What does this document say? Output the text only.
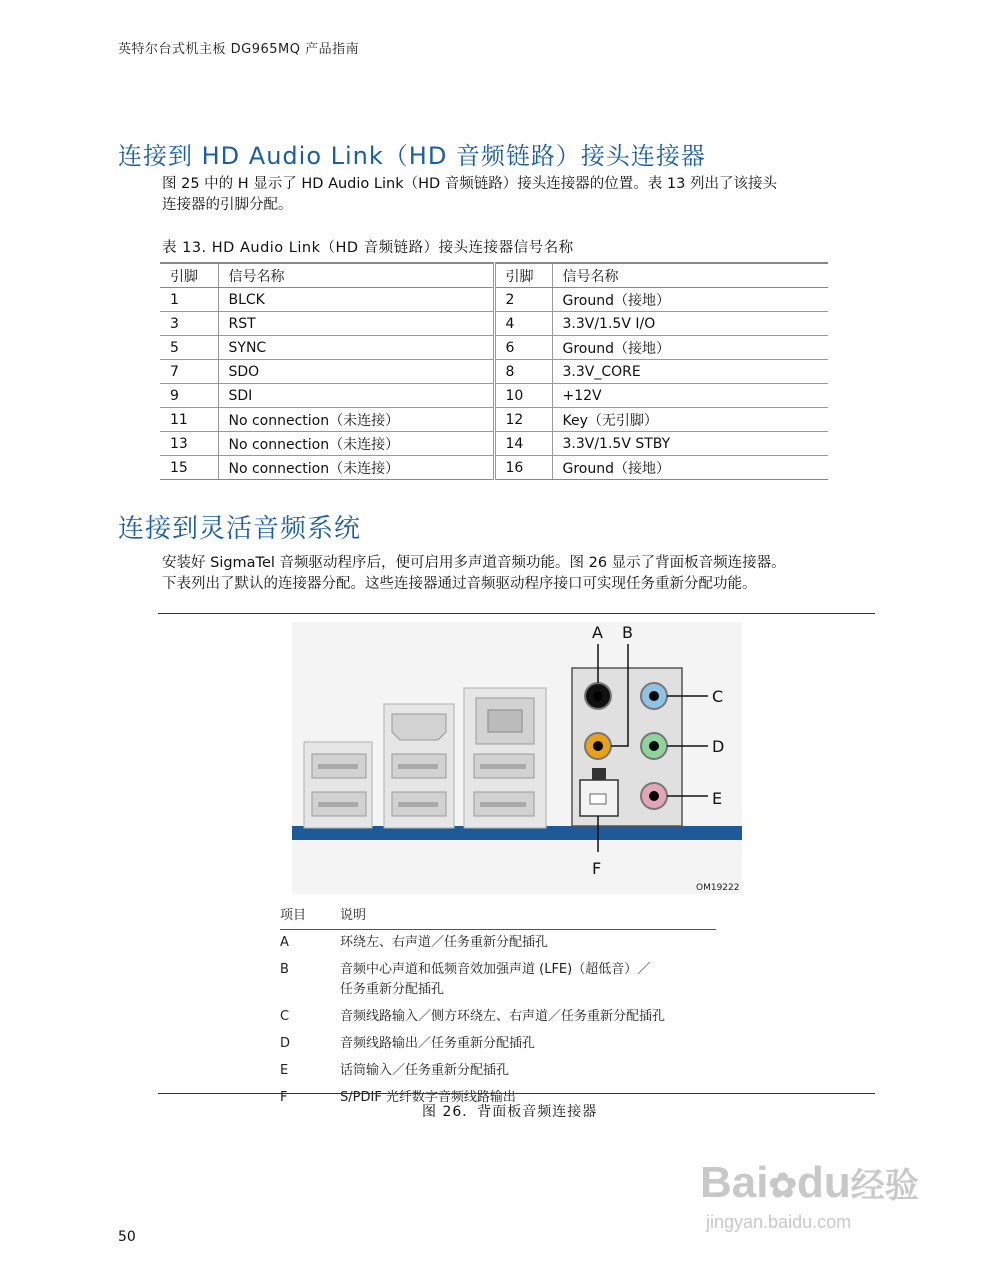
英特尔台式机主板 DG965MQ 产品指南
连接到 HD Audio Link（HD 音频链路）接头连接器
图 25 中的 H 显示了 HD Audio Link（HD 音频链路）接头连接器的位置。表 13 列出了该接头
连接器的引脚分配。
表 13. HD Audio Link（HD 音频链路）接头连接器信号名称
引脚	信号名称	引脚	信号名称
1	BLCK	2	Ground（接地）
3	RST	4	3.3V/1.5V I/O
5	SYNC	6	Ground（接地）
7	SDO	8	3.3V_CORE
9	SDI	10	+12V
11	No connection（未连接）	12	Key（无引脚）
13	No connection（未连接）	14	3.3V/1.5V STBY
15	No connection（未连接）	16	Ground（接地）
连接到灵活音频系统
安装好 SigmaTel 音频驱动程序后，便可启用多声道音频功能。图 26 显示了背面板音频连接器。
下表列出了默认的连接器分配。这些连接器通过音频驱动程序接口可实现任务重新分配功能。
A B
C
D
E
F
OM19222
项目	说明
A	环绕左、右声道／任务重新分配插孔
B	音频中心声道和低频音效加强声道 (LFE)（超低音）／
任务重新分配插孔

C	音频线路输入／侧方环绕左、右声道／任务重新分配插孔
D	音频线路输出／任务重新分配插孔
E	话筒输入／任务重新分配插孔
F	S/PDIF 光纤数字音频线路输出
图 26．背面板音频连接器
Bai✿du经验
jingyan.baidu.com
50
